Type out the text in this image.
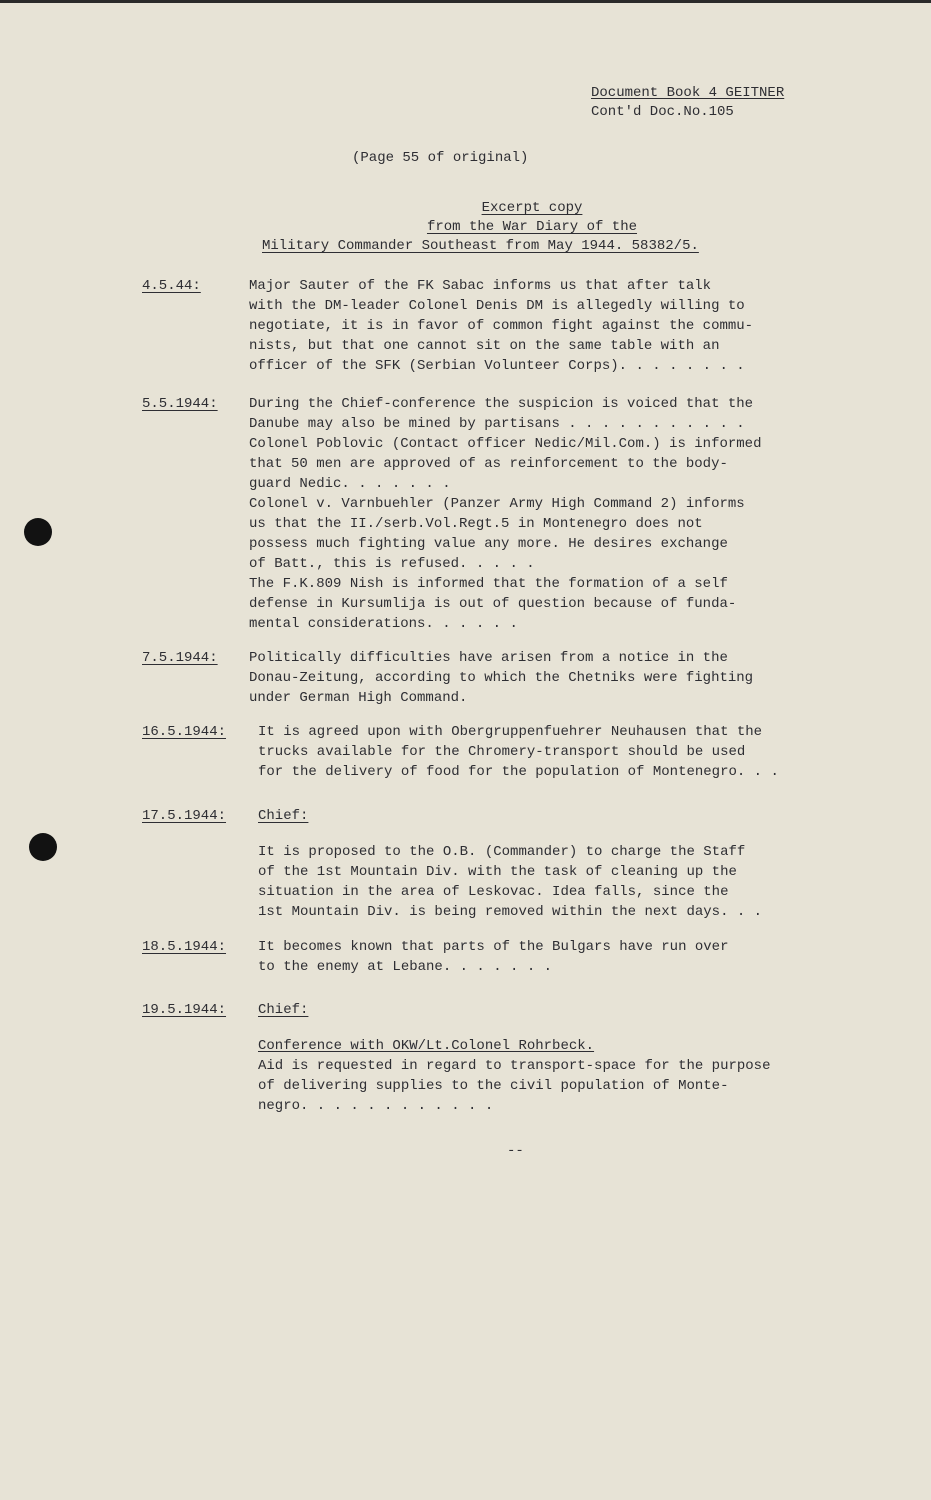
Document Book 4 GEITNER
Cont'd Doc.No.105
(Page 55 of original)
Excerpt copy
from the War Diary of the
Military Commander Southeast from May 1944. 58382/5.
4.5.44:	Major Sauter of the FK Sabac informs us that after talk
with the DM-leader Colonel Denis DM is allegedly willing to
negotiate, it is in favor of common fight against the commu-
nists, but that one cannot sit on the same table with an
officer of the SFK (Serbian Volunteer Corps). . . . . . . .
5.5.1944: During the Chief-conference the suspicion is voiced that the
Danube may also be mined by partisans . . . . . . . . . . .
Colonel Poblovic (Contact officer Nedic/Mil.Com.) is informed
that 50 men are approved of as reinforcement to the body-
guard Nedic. . . . . . .
Colonel v. Varnbuehler (Panzer Army High Command 2) informs
us that the II./serb.Vol.Regt.5 in Montenegro does not
possess much fighting value any more. He desires exchange
of Batt., this is refused. . . . .
The F.K.809 Nish is informed that the formation of a self
defense in Kursumlija is out of question because of funda-
mental considerations. . . . . .
7.5.1944: Politically difficulties have arisen from a notice in the
Donau-Zeitung, according to which the Chetniks were fighting
under German High Command.
16.5.1944: It is agreed upon with Obergruppenfuehrer Neuhausen that the
trucks available for the Chromery-transport should be used
for the delivery of food for the population of Montenegro. . .
17.5.1944: Chief:
It is proposed to the O.B. (Commander) to charge the Staff
of the 1st Mountain Div. with the task of cleaning up the
situation in the area of Leskovac. Idea falls, since the
1st Mountain Div. is being removed within the next days. . .
18.5.1944: It becomes known that parts of the Bulgars have run over
to the enemy at Lebane. . . . . . .
19.5.1944: Chief:
Conference with OKW/Lt.Colonel Rohrbeck.
Aid is requested in regard to transport-space for the purpose
of delivering supplies to the civil population of Monte-
negro. . . . . . . . . . . .
--
